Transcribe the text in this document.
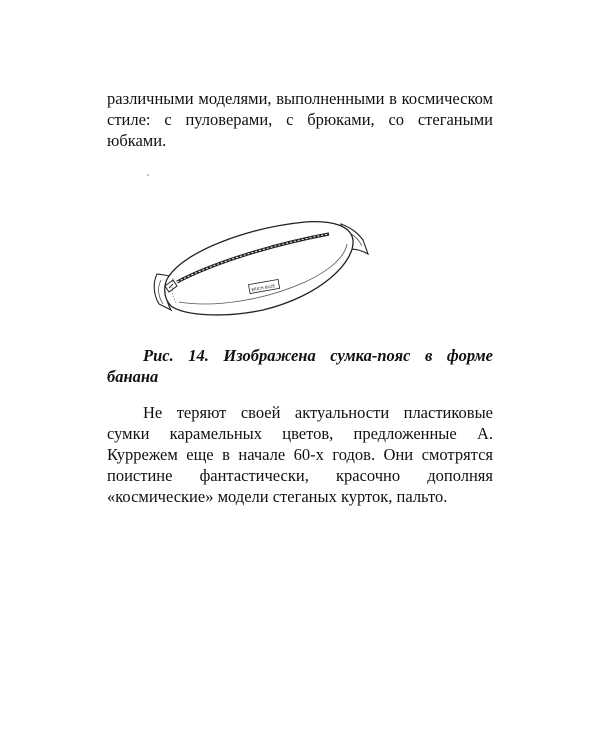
различными моделями, выполненными в космическом стиле: с пуловерами, с брюками, со стегаными юбками.

ERICH BLUE

Рис. 14. Изображена сумка-пояс в форме банана

Не теряют своей актуальности пластиковые сумки карамельных цветов, предложенные А. Куррежем еще в начале 60-х годов. Они смотрятся поистине фантастически, красочно дополняя «космические» модели стеганых курток, пальто.
